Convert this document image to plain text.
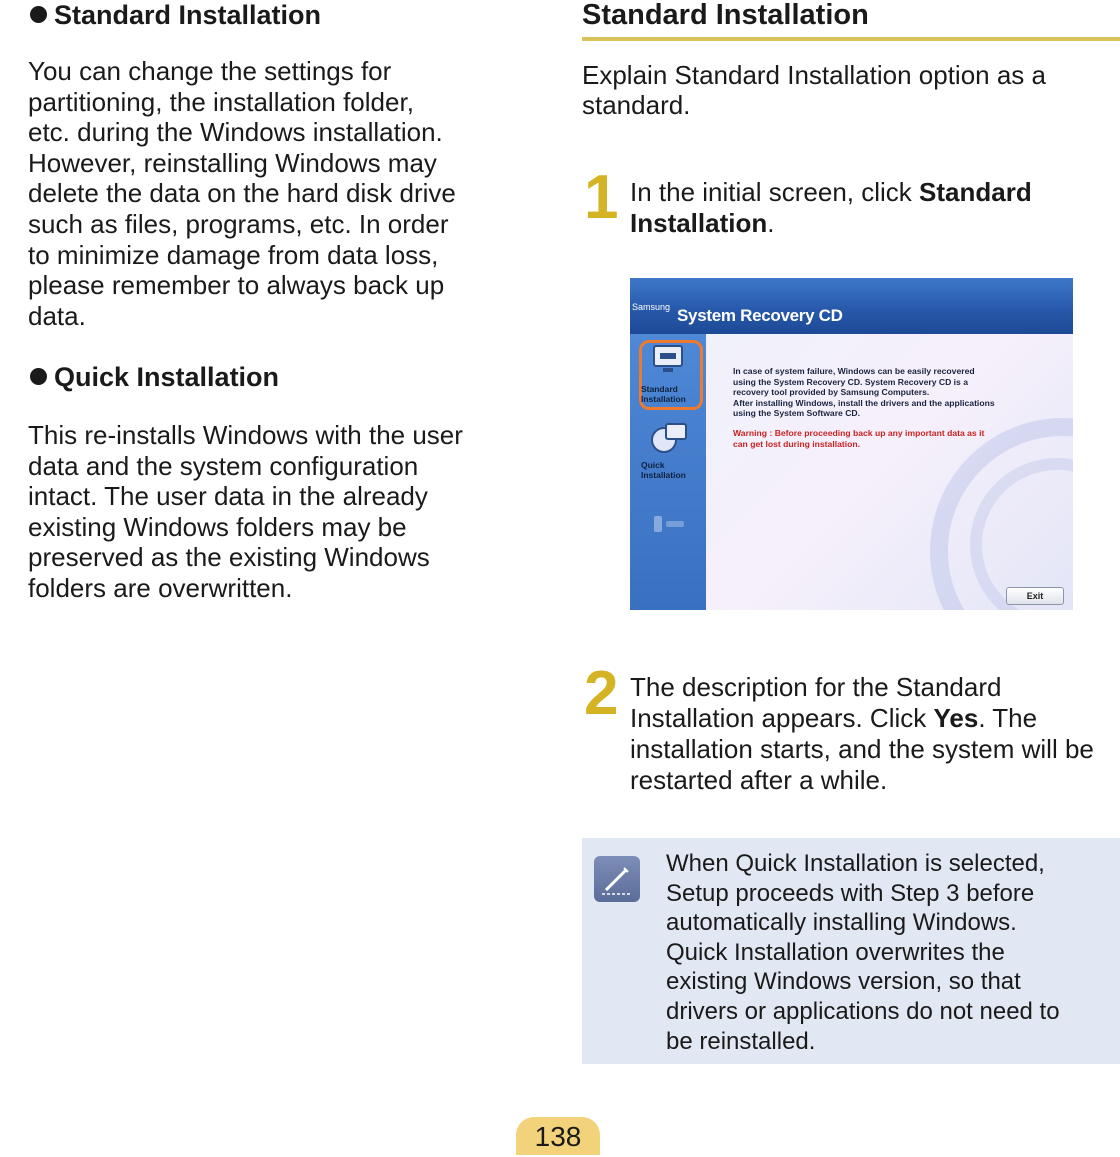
Standard Installation
You can change the settings for
partitioning, the installation folder,
etc. during the Windows installation.
However, reinstalling Windows may
delete the data on the hard disk drive
such as files, programs, etc. In order
to minimize damage from data loss,
please remember to always back up
data.
Quick Installation
This re-installs Windows with the user
data and the system configuration
intact. The user data in the already
existing Windows folders may be
preserved as the existing Windows
folders are overwritten.
Standard Installation
Explain Standard Installation option as a standard.
1 In the initial screen, click Standard Installation.
Samsung System Recovery CD
Standard
Installation
Quick
Installation
In case of system failure, Windows can be easily recovered
using the System Recovery CD. System Recovery CD is a
recovery tool provided by Samsung Computers.
After installing Windows, install the drivers and the applications
using the System Software CD.
Warning : Before proceeding back up any important data as it
can get lost during installation.
Exit
2 The description for the Standard Installation appears. Click Yes. The installation starts, and the system will be restarted after a while.
When Quick Installation is selected,
Setup proceeds with Step 3 before
automatically installing Windows.
Quick Installation overwrites the
existing Windows version, so that
drivers or applications do not need to
be reinstalled.
138
